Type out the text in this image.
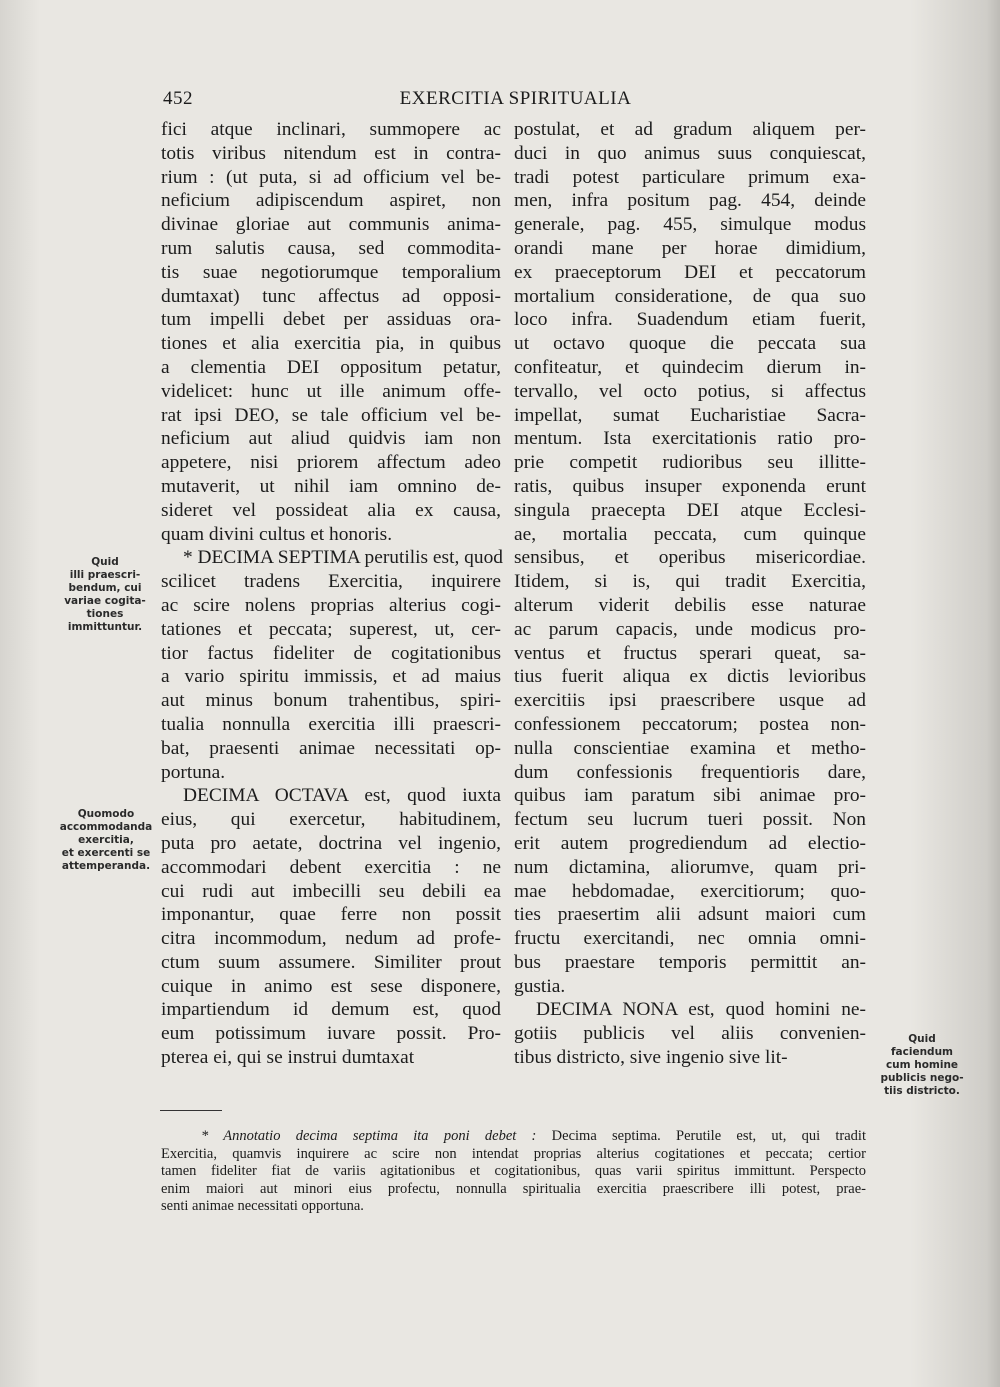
452	EXERCITIA SPIRITUALIA
fici atque inclinari, summopere ac
totis viribus nitendum est in contra-
rium : (ut puta, si ad officium vel be-
neficium adipiscendum aspiret, non
divinae gloriae aut communis anima-
rum salutis causa, sed commodita-
tis suae negotiorumque temporalium
dumtaxat) tunc affectus ad opposi-
tum impelli debet per assiduas ora-
tiones et alia exercitia pia, in quibus
a clementia DEI oppositum petatur,
videlicet: hunc ut ille animum offe-
rat ipsi DEO, se tale officium vel be-
neficium aut aliud quidvis iam non
appetere, nisi priorem affectum adeo
mutaverit, ut nihil iam omnino de-
sideret vel possideat alia ex causa,
quam divini cultus et honoris.
* DECIMA SEPTIMA perutilis est, quod
scilicet tradens Exercitia, inquirere
ac scire nolens proprias alterius cogi-
tationes et peccata; superest, ut, cer-
tior factus fideliter de cogitationibus
a vario spiritu immissis, et ad maius
aut minus bonum trahentibus, spiri-
tualia nonnulla exercitia illi praescri-
bat, praesenti animae necessitati op-
portuna.
DECIMA OCTAVA est, quod iuxta
eius, qui exercetur, habitudinem,
puta pro aetate, doctrina vel ingenio,
accommodari debent exercitia : ne
cui rudi aut imbecilli seu debili ea
imponantur, quae ferre non possit
citra incommodum, nedum ad profe-
ctum suum assumere. Similiter prout
cuique in animo est sese disponere,
impartiendum id demum est, quod
eum potissimum iuvare possit. Pro-
pterea ei, qui se instrui dumtaxat
postulat, et ad gradum aliquem per-
duci in quo animus suus conquiescat,
tradi potest particulare primum exa-
men, infra positum pag. 454, deinde
generale, pag. 455, simulque modus
orandi mane per horae dimidium,
ex praeceptorum DEI et peccatorum
mortalium consideratione, de qua suo
loco infra. Suadendum etiam fuerit,
ut octavo quoque die peccata sua
confiteatur, et quindecim dierum in-
tervallo, vel octo potius, si affectus
impellat, sumat Eucharistiae Sacra-
mentum. Ista exercitationis ratio pro-
prie competit rudioribus seu illitte-
ratis, quibus insuper exponenda erunt
singula praecepta DEI atque Ecclesi-
ae, mortalia peccata, cum quinque
sensibus, et operibus misericordiae.
Itidem, si is, qui tradit Exercitia,
alterum viderit debilis esse naturae
ac parum capacis, unde modicus pro-
ventus et fructus sperari queat, sa-
tius fuerit aliqua ex dictis levioribus
exercitiis ipsi praescribere usque ad
confessionem peccatorum; postea non-
nulla conscientiae examina et metho-
dum confessionis frequentioris dare,
quibus iam paratum sibi animae pro-
fectum seu lucrum tueri possit. Non
erit autem progrediendum ad electio-
num dictamina, aliorumve, quam pri-
mae hebdomadae, exercitiorum; quo-
ties praesertim alii adsunt maiori cum
fructu exercitandi, nec omnia omni-
bus praestare temporis permittit an-
gustia.
DECIMA NONA est, quod homini ne-
gotiis publicis vel aliis convenien-
tibus districto, sive ingenio sive lit-
Quid
illi praescri-
bendum, cui
variae cogita-
tiones
immittuntur.
Quomodo
accommodanda
exercitia,
et exercenti se
attemperanda.
Quid
faciendum
cum homine
publicis nego-
tiis districto.
* Annotatio decima septima ita poni debet : Decima septima. Perutile est, ut, qui tradit
Exercitia, quamvis inquirere ac scire non intendat proprias alterius cogitationes et peccata; certior
tamen fideliter fiat de variis agitationibus et cogitationibus, quas varii spiritus immittunt. Perspecto
enim maiori aut minori eius profectu, nonnulla spiritualia exercitia praescribere illi potest, prae-
senti animae necessitati opportuna.
